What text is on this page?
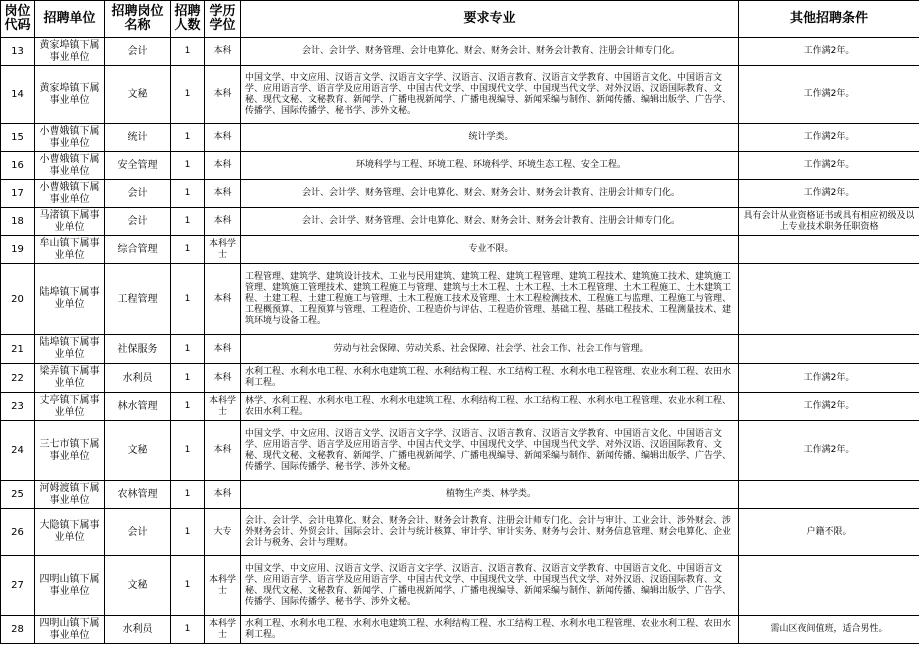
岗位代码	招聘单位	招聘岗位名称	招聘人数	学历学位	要求专业	其他招聘条件
13	黄家埠镇下属事业单位	会计	1	本科	会计、会计学、财务管理、会计电算化、财会、财务会计、财务会计教育、注册会计师专门化。	工作满2年。
14	黄家埠镇下属事业单位	文秘	1	本科	中国文学、中文应用、汉语言文学、汉语言文字学、汉语言、汉语言教育、汉语言文学教育、中国语言文化、中国语言文学、应用语言学、语言学及应用语言学、中国古代文学、中国现代文学、中国现当代文学、对外汉语、汉语国际教育、文秘、现代文秘、文秘教育、新闻学、广播电视新闻学、广播电视编导、新闻采编与制作、新闻传播、编辑出版学、广告学、传播学、国际传播学、秘书学、涉外文秘。	工作满2年。
15	小曹娥镇下属事业单位	统计	1	本科	统计学类。	工作满2年。
16	小曹娥镇下属事业单位	安全管理	1	本科	环境科学与工程、环境工程、环境科学、环境生态工程、安全工程。	工作满2年。
17	小曹娥镇下属事业单位	会计	1	本科	会计、会计学、财务管理、会计电算化、财会、财务会计、财务会计教育、注册会计师专门化。	工作满2年。
18	马渚镇下属事业单位	会计	1	本科	会计、会计学、财务管理、会计电算化、财会、财务会计、财务会计教育、注册会计师专门化。	具有会计从业资格证书或具有相应初级及以上专业技术职务任职资格
19	牟山镇下属事业单位	综合管理	1	本科学士	专业不限。	
20	陆埠镇下属事业单位	工程管理	1	本科	工程管理、建筑学、建筑设计技术、工业与民用建筑、建筑工程、建筑工程管理、建筑工程技术、建筑施工技术、建筑施工管理、建筑施工管理技术、建筑工程施工与管理、建筑与土木工程、土木工程、土木工程管理、土木工程施工、土木建筑工程、土建工程、土建工程施工与管理、土木工程施工技术及管理、土木工程检测技术、工程施工与监理、工程施工与管理、工程概预算、工程预算与管理、工程造价、工程造价与评估、工程造价管理、基础工程、基础工程技术、工程测量技术、建筑环境与设备工程。	
21	陆埠镇下属事业单位	社保服务	1	本科	劳动与社会保障、劳动关系、社会保障、社会学、社会工作、社会工作与管理。	
22	梁弄镇下属事业单位	水利员	1	本科	水利工程、水利水电工程、水利水电建筑工程、水利结构工程、水工结构工程、水利水电工程管理、农业水利工程、农田水利工程。	工作满2年。
23	丈亭镇下属事业单位	林水管理	1	本科学士	林学、水利工程、水利水电工程、水利水电建筑工程、水利结构工程、水工结构工程、水利水电工程管理、农业水利工程、农田水利工程。	工作满2年。
24	三七市镇下属事业单位	文秘	1	本科	中国文学、中文应用、汉语言文学、汉语言文字学、汉语言、汉语言教育、汉语言文学教育、中国语言文化、中国语言文学、应用语言学、语言学及应用语言学、中国古代文学、中国现代文学、中国现当代文学、对外汉语、汉语国际教育、文秘、现代文秘、文秘教育、新闻学、广播电视新闻学、广播电视编导、新闻采编与制作、新闻传播、编辑出版学、广告学、传播学、国际传播学、秘书学、涉外文秘。	工作满2年。
25	河姆渡镇下属事业单位	农林管理	1	本科	植物生产类、林学类。	
26	大隐镇下属事业单位	会计	1	大专	会计、会计学、会计电算化、财会、财务会计、财务会计教育、注册会计师专门化、会计与审计、工业会计、涉外财会、涉外财务会计、外贸会计、国际会计、会计与统计核算、审计学、审计实务、财务与会计、财务信息管理、财会电算化、企业会计与税务、会计与理财。	户籍不限。
27	四明山镇下属事业单位	文秘	1	本科学士	中国文学、中文应用、汉语言文学、汉语言文字学、汉语言、汉语言教育、汉语言文学教育、中国语言文化、中国语言文学、应用语言学、语言学及应用语言学、中国古代文学、中国现代文学、中国现当代文学、对外汉语、汉语国际教育、文秘、现代文秘、文秘教育、新闻学、广播电视新闻学、广播电视编导、新闻采编与制作、新闻传播、编辑出版学、广告学、传播学、国际传播学、秘书学、涉外文秘。	
28	四明山镇下属事业单位	水利员	1	本科学士	水利工程、水利水电工程、水利水电建筑工程、水利结构工程、水工结构工程、水利水电工程管理、农业水利工程、农田水利工程。	需山区夜间值班，适合男性。
